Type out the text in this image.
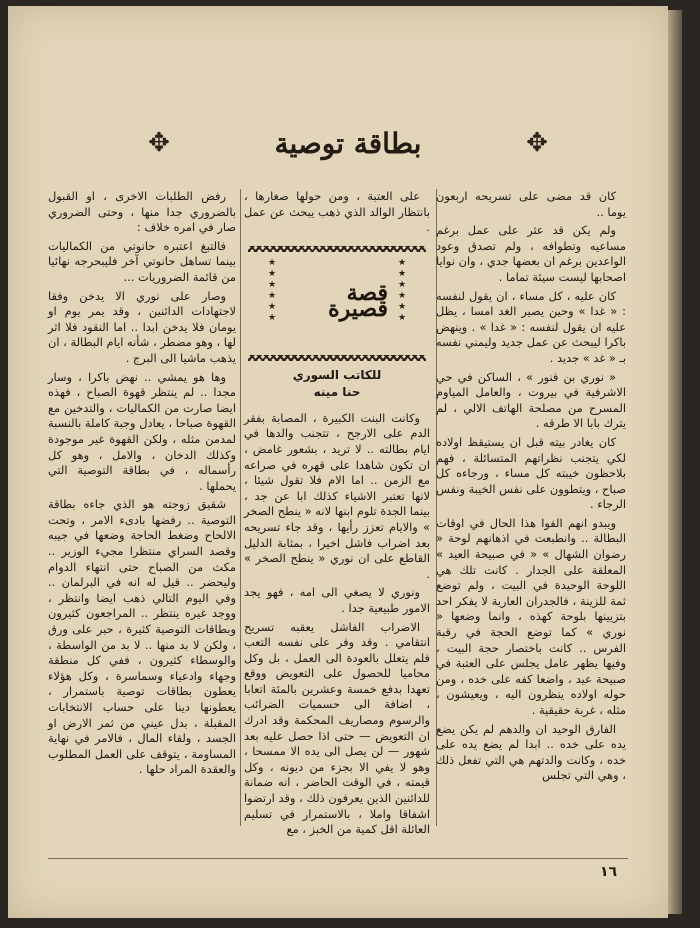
✥
بطاقة توصية
✥

كان قد مضى على تسريحه اربعون يوما ..

ولم يكن قد عثر على عمل برغم مساعيه وتطوافه ، ولم تصدق وعود الواعدين برغم ان بعضها جدي ، وان نوايا اصحابها ليست سيئة تماما .

كان عليه ، كل مساء ، ان يقول لنفسه : « غدا » وحين يصير الغد امسا ، يظل عليه ان يقول لنفسه : « غدا » . وينهض باكرا ليبحث عن عمل جديد وليمني نفسه بـ « غد » جديد .

« نوري بن فنور » ، الساكن في حي الاشرفية في بيروت ، والعامل المياوم المسرح من مصلحة الهاتف الالي ، لم يترك بابا الا طرقه .

كان يغادر بيته قبل ان يستيقظ اولاده لكي يتجنب نظراتهم المتسائلة ، فهم بلاحظون خيبته كل مساء ، ورجاءه كل صباح ، ويتطوون على نفس الخيبة ونفس الرجاء .

ويبدو انهم الفوا هذا الحال في اوقات البطالة .. وانطبعت في اذهانهم لوحة « رضوان الشهال » « في صبيحة العيد » المعلقة على الجدار . كانت تلك هي اللوحة الوحيدة في البيت ، ولم توضع ثمة للزينة ، فالجدران العارية لا يفكر احد بتزيينها بلوحة كهذه ، وانما وضعها « نوري » كما توضع الحجة في رقبة الفرس .. كانت باختصار حجة البيت ، وفيها يظهر عامل يجلس على العتبة في صبيحة عيد ، واضعا كفه على خده ، ومن حوله اولاده ينظرون اليه ، ويعيشون ، مثله ، غربة حقيقية .

الفارق الوحيد ان والدهم لم يكن يضع يده على خده .. ابدا لم يضع يده على خده ، وكانت والدتهم هي التي تفعل ذلك ، وهي التي تجلس

على العتبة ، ومن حولها صغارها ، بانتظار الوالد الذي ذهب يبحث عن عمل .

★★★★★★
قصة قصيرة
★★★★★★
للكاتب السوري
حنا مينه

وكانت البنت الكبيرة ، المصابة بفقر الدم على الارجح ، تتجنب والدها في ايام بطالته .. لا تريد ، بشعور غامض ، ان تكون شاهدا على قهره في صراعه مع الزمن .. اما الام فلا تقول شيئا ، لانها تعتبر الاشياء كذلك ابا عن جد ، بينما الجدة تلوم ابنها لانه « ينطح الصخر » والايام تعزز رأيها ، وقد جاء تسريحه بعد اضراب فاشل اخيرا ، بمثابة الدليل القاطع على ان نوري « ينطح الصخر » .

ونوري لا يصغي الى امه ، فهو يجد الامور طبيعية جدا .

الاضراب الفاشل يعقبه تسريح انتقامي . وقد وفر على نفسه التعب فلم يتعلل بالعودة الى العمل ، بل وكل محاميا للحصول على التعويض ووقع تعهدا بدفع خمسة وعشرين بالمئة اتعابا ، اضافة الى حسميات الضرائب والرسوم ومصاريف المحكمة وقد ادرك ان التعويض — حتى اذا حصل عليه بعد شهور — لن يصل الى يده الا ممسحا ، وهو لا يفي الا بجزء من ديونه ، وكل قيمته ، في الوقت الحاضر ، انه ضمانة للدائنين الذين يعرفون ذلك ، وقد ارتضوا اشفاقا واملا ، بالاستمرار في تسليم العائلة اقل كمية من الخبز ، مع

رفض الطلبات الاخرى ، او القبول بالضروري جدا منها ، وحتى الضروري صار في امره خلاف :

فالتبغ اعتبره حانوتي من الكماليات بينما تساهل حانوتي آخر فليبحرجه نهائيا من قائمة الضروريات ...

وصار على نوري الا يدخن وفقا لاجتهادات الدائنين ، وقد يمر يوم او يومان فلا يدخن ابدا .. اما النقود فلا اثر لها ، وهو مضطر ، شأنه ايام البطالة ، ان يذهب ماشيا الى البرج .

وها هو يمشي .. نهض باكرا ، وسار مجدا .. لم ينتظر قهوة الصباح ، فهذه ايضا صارت من الكماليات ، والتدخين مع القهوة صباحا ، يعادل وجبة كاملة بالنسبة لمدمن مثله ، ولكن القهوة غير موجودة وكذلك الدخان ، والامل ، وهو كل رأسماله ، في بطاقة التوصية التي يحملها .

شقيق زوجته هو الذي جاءه بطاقة التوصية .. رفضها بادىء الامر ، وتحت الالحاح وضغط الحاجة وضعها في جيبه وقصد السراي منتظرا مجيء الوزير .. مكث من الصباح حتى انتهاء الدوام وليحضر .. قيل له انه في البرلمان .. وفي اليوم التالي ذهب ايضا وانتظر ، ووجد غيره ينتظر .. المراجعون كثيرون وبطاقات التوصية كثيرة ، حبر على ورق ، ولكن لا بد منها .. لا بد من الواسطة ، والوسطاء كثيرون ، ففي كل منطقة وجهاء وادعياء وسماسرة ، وكل هؤلاء يعطون بطاقات توصية باستمرار ، يعطونها دينا على حساب الانتخابات المقبلة ، بدل عيني من ثمر الارض او الجسد ، ولقاء المال ، فالامر في نهاية المساومة ، يتوقف على العمل المطلوب والعقدة المراد حلها .

١٦
